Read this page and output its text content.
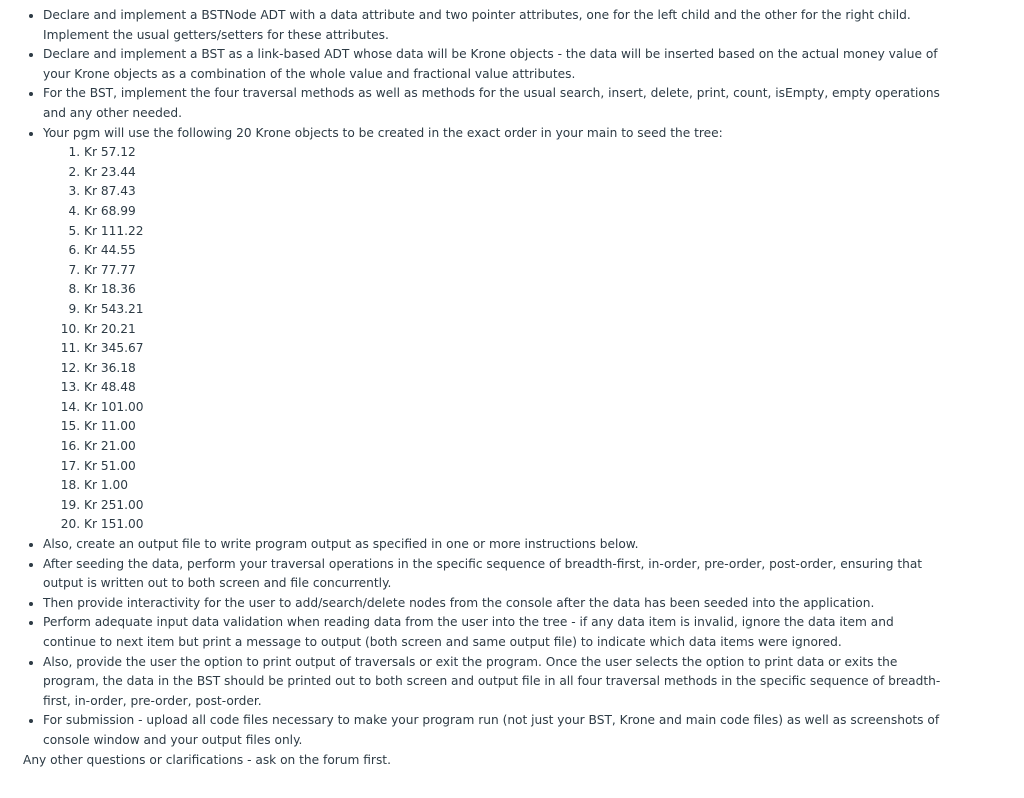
• Declare and implement a BSTNode ADT with a data attribute and two pointer attributes, one for the left child and the other for the right child. Implement the usual getters/setters for these attributes.
• Declare and implement a BST as a link-based ADT whose data will be Krone objects - the data will be inserted based on the actual money value of your Krone objects as a combination of the whole value and fractional value attributes.
• For the BST, implement the four traversal methods as well as methods for the usual search, insert, delete, print, count, isEmpty, empty operations and any other needed.
• Your pgm will use the following 20 Krone objects to be created in the exact order in your main to seed the tree:
1. Kr 57.12
2. Kr 23.44
3. Kr 87.43
4. Kr 68.99
5. Kr 111.22
6. Kr 44.55
7. Kr 77.77
8. Kr 18.36
9. Kr 543.21
10. Kr 20.21
11. Kr 345.67
12. Kr 36.18
13. Kr 48.48
14. Kr 101.00
15. Kr 11.00
16. Kr 21.00
17. Kr 51.00
18. Kr 1.00
19. Kr 251.00
20. Kr 151.00
• Also, create an output file to write program output as specified in one or more instructions below.
• After seeding the data, perform your traversal operations in the specific sequence of breadth-first, in-order, pre-order, post-order, ensuring that output is written out to both screen and file concurrently.
• Then provide interactivity for the user to add/search/delete nodes from the console after the data has been seeded into the application.
• Perform adequate input data validation when reading data from the user into the tree - if any data item is invalid, ignore the data item and continue to next item but print a message to output (both screen and same output file) to indicate which data items were ignored.
• Also, provide the user the option to print output of traversals or exit the program. Once the user selects the option to print data or exits the program, the data in the BST should be printed out to both screen and output file in all four traversal methods in the specific sequence of breadth-first, in-order, pre-order, post-order.
• For submission - upload all code files necessary to make your program run (not just your BST, Krone and main code files) as well as screenshots of console window and your output files only.
Any other questions or clarifications - ask on the forum first.
